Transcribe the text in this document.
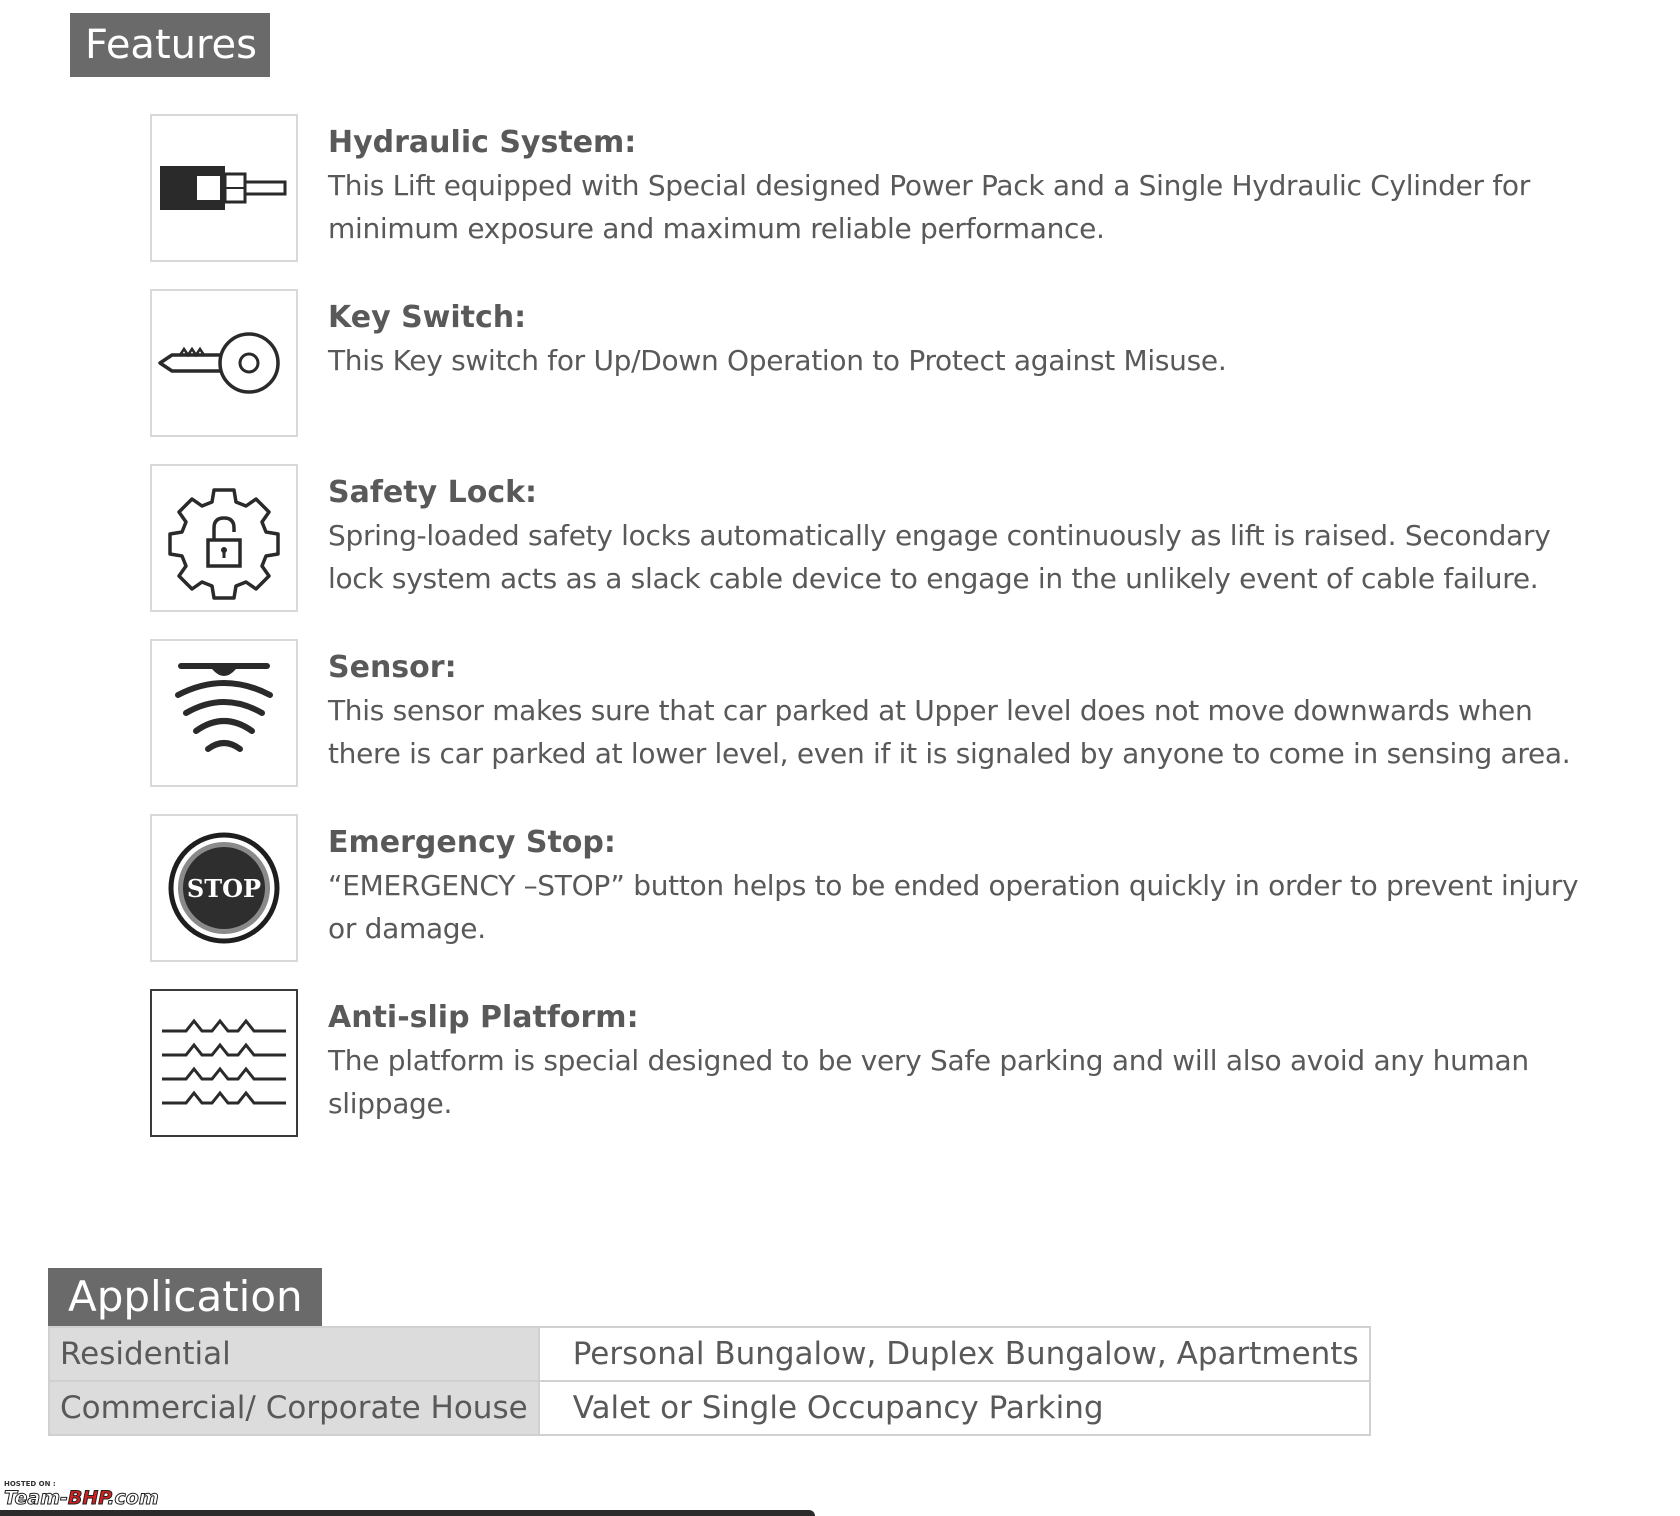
Features

Hydraulic System:

This Lift equipped with Special designed Power Pack and a Single Hydraulic Cylinder for minimum exposure and maximum reliable performance.

Key Switch:

This Key switch for Up/Down Operation to Protect against Misuse.

Safety Lock:

Spring-loaded safety locks automatically engage continuously as lift is raised. Secondary lock system acts as a slack cable device to engage in the unlikely event of cable failure.

Sensor:

This sensor makes sure that car parked at Upper level does not move downwards when there is car parked at lower level, even if it is signaled by anyone to come in sensing area.

STOP

Emergency Stop:

“EMERGENCY –STOP” button helps to be ended operation quickly in order to prevent injury or damage.

Anti-slip Platform:

The platform is special designed to be very Safe parking and will also avoid any human slippage.

Application
Residential	Personal Bungalow, Duplex Bungalow, Apartments
Commercial/ Corporate House	Valet or Single Occupancy Parking
HOSTED ON :
Team-BHP.com
